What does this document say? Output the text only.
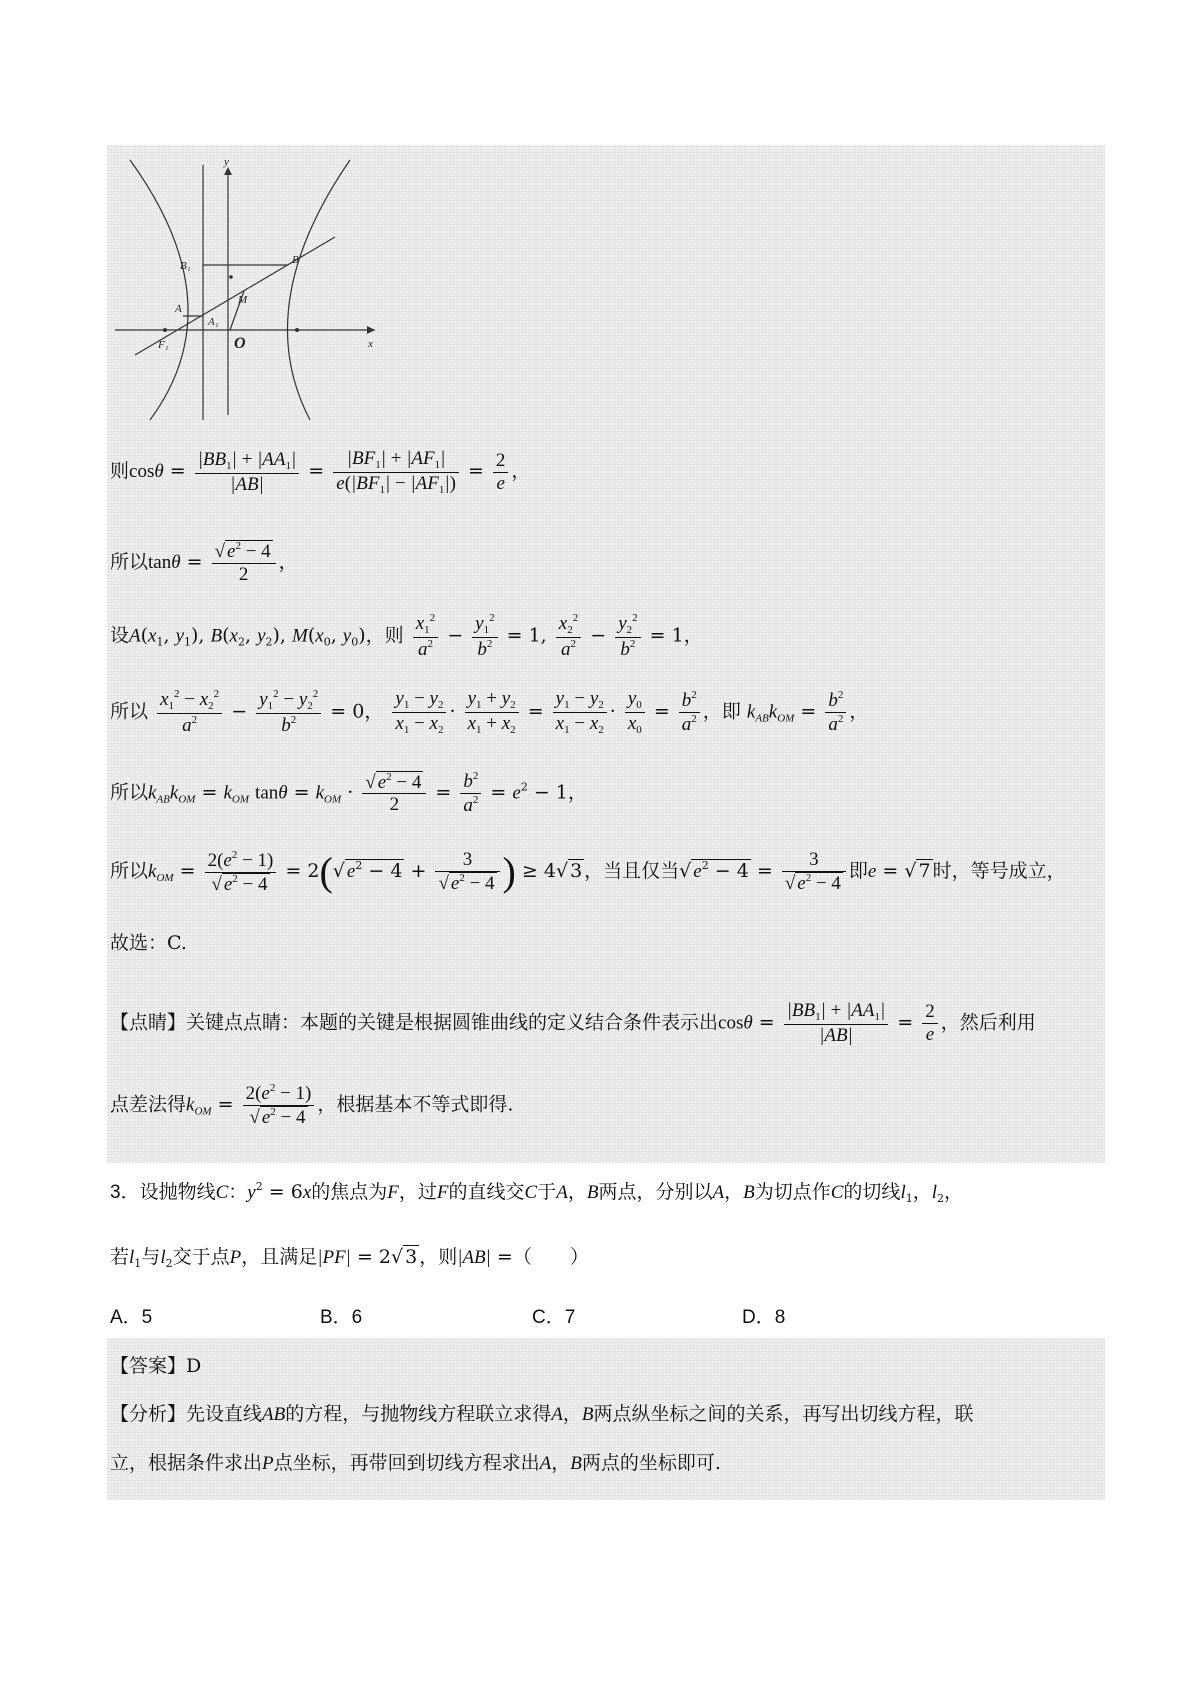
y
x
B₁	B
A
A₁
M
F₁	O
则$\cos\theta = \frac{|BB_1| + |AA_1|}{|AB|} = \frac{|BF_1| + |AF_1|}{e(|BF_1| - |AF_1|)} = \frac{2}{e}$ ，
所以$\tan\theta = \frac{√ e^2 - 4}{2}$ ，
设$A(x_1$, $y_1$), $B(x_2$, $y_2$), $M(x_0$, $y_0$)，则 $\frac{x_1^2}{a^2} - \frac{y_1^2}{b^2} = 1$, $\frac{x_2^2}{a^2} - \frac{y_2^2}{b^2} = 1$，
所以 $\frac{x_1^2 - x_2^2}{a^2} - \frac{y_1^2 - y_2^2}{b^2} = 0$， $\frac{y_1 - y_2}{x_1 - x_2} \cdot \frac{y_1 + y_2}{x_1 + x_2} = \frac{y_1 - y_2}{x_1 - x_2} \cdot \frac{y_0}{x_0} = \frac{b^2}{a^2}$ ，即 $k_{AB}k_{OM} = \frac{b^2}{a^2}$ ，
所以$k_{AB}k_{OM} = k_{OM}$ $\tan\theta = k_{OM} \cdot \frac{√ e^2 - 4}{2} = \frac{b^2}{a^2} = e^2 - 1$，
所以$k_{OM} = \frac{2(e^2 - 1)}{√ e^2 - 4} = 2(√$ $e^2 - 4 + \frac{3}{√ e^2 - 4}$ ) ≥ 4√ 3 ，当且仅当√ $e^2 - 4 = \frac{3}{√ e^2 - 4}$ 即e = √ 7 时，等号成立，
故选：C.
【点睛】关键点点睛：本题的关键是根据圆锥曲线的定义结合条件表示出$\cos\theta = \frac{|BB_1| + |AA_1|}{|AB|} = \frac{2}{e}$ ，然后利用
点差法得$k_{OM} = \frac{2(e^2 - 1)}{√ e^2 - 4}$ ，根据基本不等式即得.
3．设抛物线C：$y^2 = 6x$的焦点为F，过F的直线交C于A，B两点，分别以A，B为切点作C的切线$l_1$，$l_2$，
若$l_1$与$l_2$交于点P，且满足|PF| = 2√ 3 ，则|AB| =（　　）
A．5	B．6	C．7	D．8
【答案】D
【分析】先设直线AB的方程，与抛物线方程联立求得A，B两点纵坐标之间的关系，再写出切线方程，联
立，根据条件求出P点坐标，再带回到切线方程求出A，B两点的坐标即可.
